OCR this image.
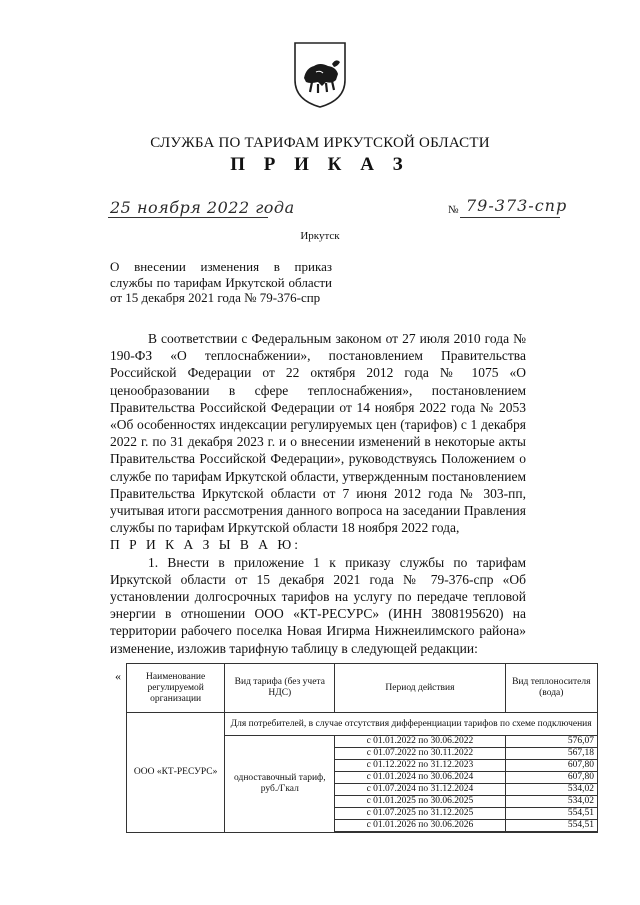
СЛУЖБА ПО ТАРИФАМ ИРКУТСКОЙ ОБЛАСТИ
П Р И К А З
25 ноября 2022 года	№ 79-373-спр
Иркутск
О внесении изменения в приказ службы по тарифам Иркутской области от 15 декабря 2021 года № 79-376-спр

В соответствии с Федеральным законом от 27 июля 2010 года № 190-ФЗ «О теплоснабжении», постановлением Правительства Российской Федерации от 22 октября 2012 года № 1075 «О ценообразовании в сфере теплоснабжения», постановлением Правительства Российской Федерации от 14 ноября 2022 года № 2053 «Об особенностях индексации регулируемых цен (тарифов) с 1 декабря 2022 г. по 31 декабря 2023 г. и о внесении изменений в некоторые акты Правительства Российской Федерации», руководствуясь Положением о службе по тарифам Иркутской области, утвержденным постановлением Правительства Иркутской области от 7 июня 2012 года № 303-пп, учитывая итоги рассмотрения данного вопроса на заседании Правления службы по тарифам Иркутской области 18 ноября 2022 года,

П Р И К А З Ы В А Ю:

1. Внести в приложение 1 к приказу службы по тарифам Иркутской области от 15 декабря 2021 года № 79-376-спр «Об установлении долгосрочных тарифов на услугу по передаче тепловой энергии в отношении ООО «КТ-РЕСУРС» (ИНН 3808195620) на территории рабочего поселка Новая Игирма Нижнеилимского района» изменение, изложив тарифную таблицу в следующей редакции:

«	Наименование регулируемой организации	Вид тарифа (без учета НДС)	Период действия	Вид теплоносителя (вода)
ООО «КТ-РЕСУРС»	Для потребителей, в случае отсутствия дифференциации тарифов по схеме подключения		
	одноставочный тариф, руб./Гкал	с 01.01.2022 по 30.06.2022	576,07
		с 01.07.2022 по 30.11.2022	567,18
		с 01.12.2022 по 31.12.2023	607,80
		с 01.01.2024 по 30.06.2024	607,80
		с 01.07.2024 по 31.12.2024	534,02
		с 01.01.2025 по 30.06.2025	534,02
		с 01.07.2025 по 31.12.2025	554,51
		с 01.01.2026 по 30.06.2026	554,51
